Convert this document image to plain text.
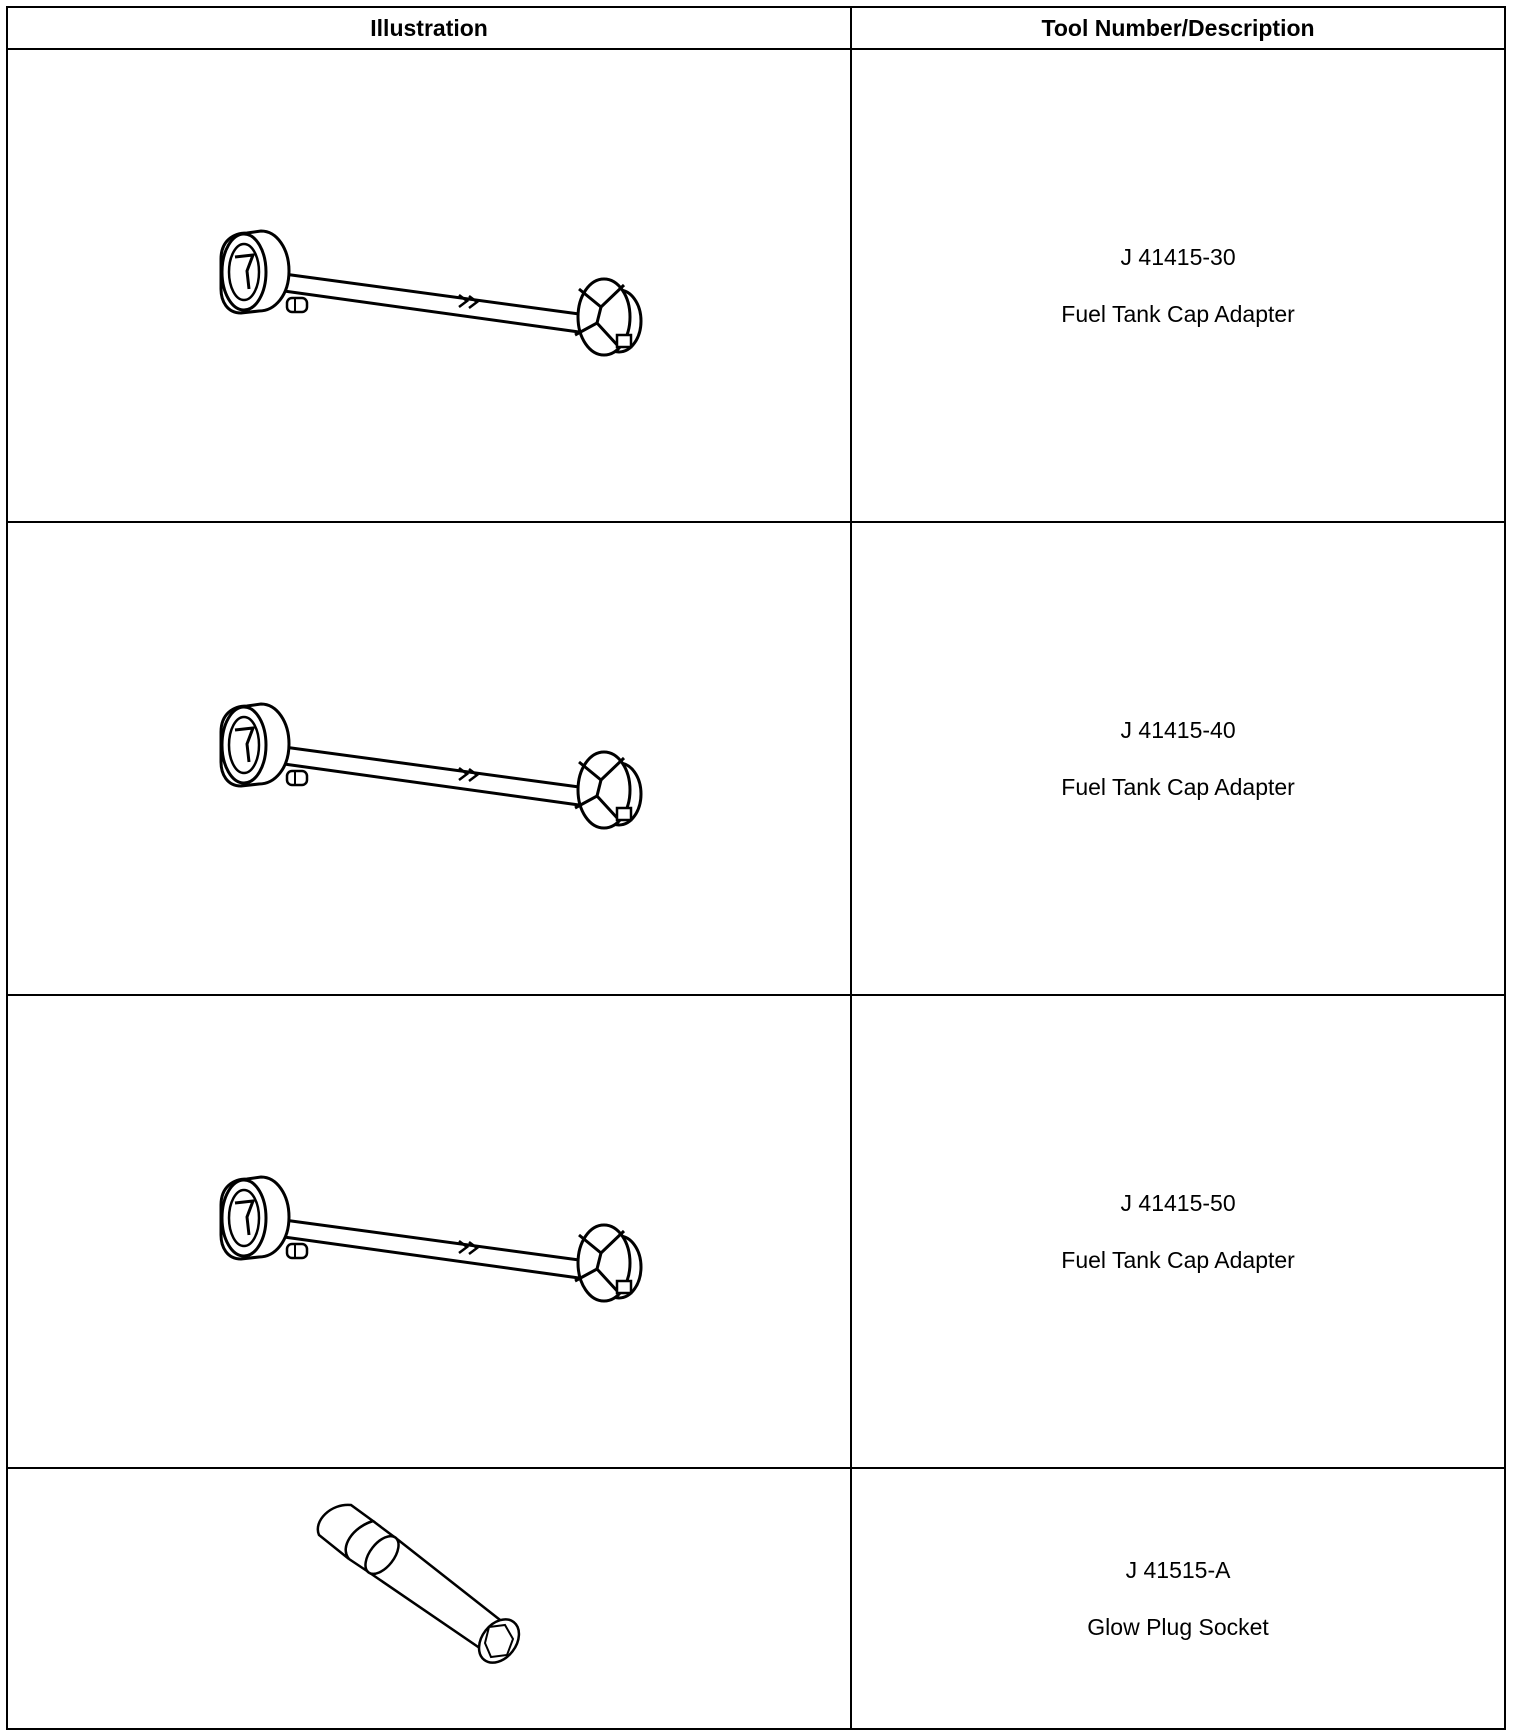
Illustration	Tool Number/Description

J 41415-30
Fuel Tank Cap Adapter

J 41415-40
Fuel Tank Cap Adapter

J 41415-50
Fuel Tank Cap Adapter

J 41515-A
Glow Plug Socket
